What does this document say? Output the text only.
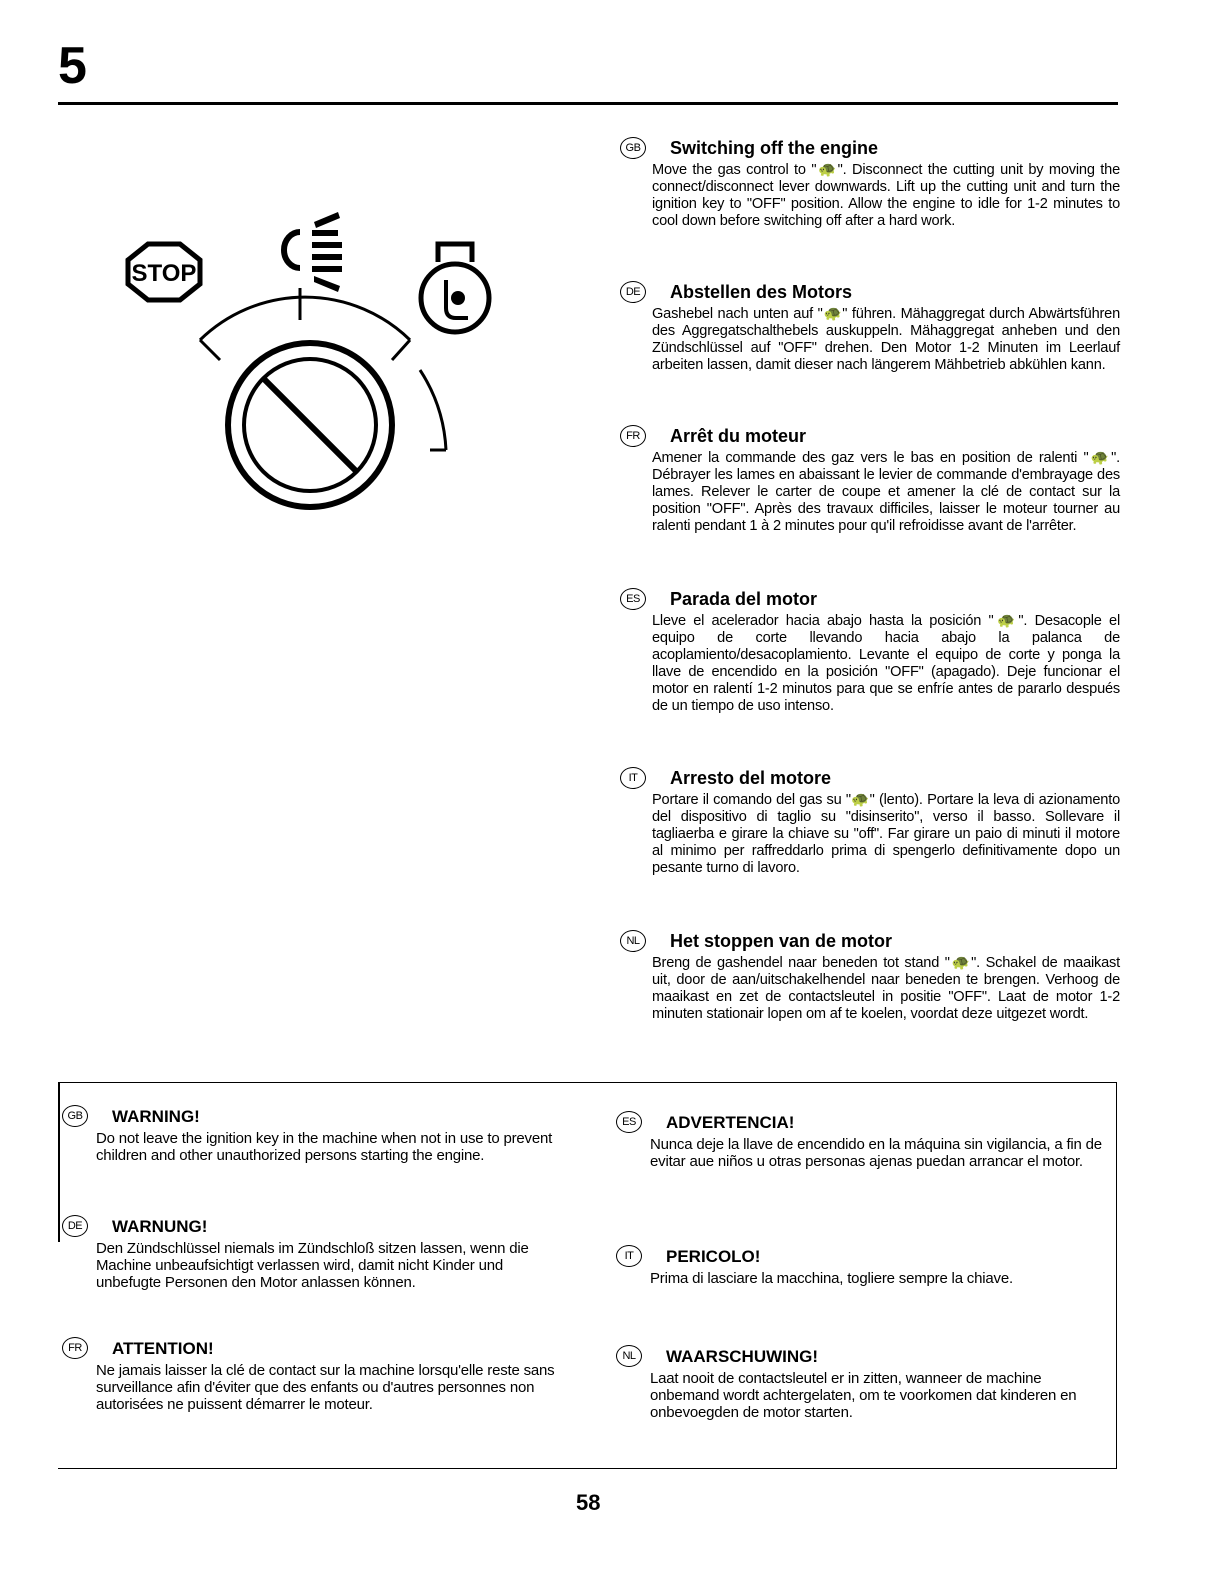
5
STOP
GB	Switching off the engine
Move the gas control to "🐢". Disconnect the cutting unit by moving the connect/disconnect lever downwards. Lift up the cutting unit and turn the ignition key to "OFF" position. Allow the engine to idle for 1-2 minutes to cool down before switching off after a hard work.
DE	Abstellen des Motors
Gashebel nach unten auf "🐢" führen. Mähaggregat durch Abwärtsführen des Aggregatschalthebels auskuppeln. Mähaggregat anheben und den Zündschlüssel auf "OFF" drehen. Den Motor 1-2 Minuten im Leerlauf arbeiten lassen, damit dieser nach längerem Mähbetrieb abkühlen kann.
FR	Arrêt du moteur
Amener la commande des gaz vers le bas en position de ralenti "🐢". Débrayer les lames en abaissant le levier de commande d'embrayage des lames. Relever le carter de coupe et amener la clé de contact sur la position "OFF". Après des travaux difficiles, laisser le moteur tourner au ralenti pendant 1 à 2 minutes pour qu'il refroidisse avant de l'arrêter.
ES	Parada del motor
Lleve el acelerador hacia abajo hasta la posición "🐢". Desacople el equipo de corte llevando hacia abajo la palanca de acoplamiento/desacoplamiento. Levante el equipo de corte y ponga la llave de encendido en la posición "OFF" (apagado). Deje funcionar el motor en ralentí 1-2 minutos para que se enfríe antes de pararlo después de un tiempo de uso intenso.
IT	Arresto del motore
Portare il comando del gas su "🐢" (lento). Portare la leva di azionamento del dispositivo di taglio su "disinserito", verso il basso. Sollevare il tagliaerba e girare la chiave su "off". Far girare un paio di minuti il motore al minimo per raffreddarlo prima di spengerlo definitivamente dopo un pesante turno di lavoro.
NL	Het stoppen van de motor
Breng de gashendel naar beneden tot stand "🐢". Schakel de maaikast uit, door de aan/uitschakelhendel naar beneden te brengen. Verhoog de maaikast en zet de contactsleutel in positie "OFF". Laat de motor 1-2 minuten stationair lopen om af te koelen, voordat deze uitgezet wordt.
GB	WARNING!
Do not leave the ignition key in the machine when not in use to prevent children and other unauthorized persons starting the engine.
DE	WARNUNG!
Den Zündschlüssel niemals im Zündschloß sitzen lassen, wenn die Machine unbeaufsichtigt verlassen wird, damit nicht Kinder und unbefugte Personen den Motor anlassen können.
FR	ATTENTION!
Ne jamais laisser la clé de contact sur la machine lorsqu'elle reste sans surveillance afin d'éviter que des enfants ou d'autres personnes non autorisées ne puissent démarrer le moteur.
ES	ADVERTENCIA!
Nunca deje la llave de encendido en la máquina sin vigilancia, a fin de evitar aue niños u otras personas ajenas puedan arrancar el motor.
IT	PERICOLO!
Prima di lasciare la macchina, togliere sempre la chiave.
NL	WAARSCHUWING!
Laat nooit de contactsleutel er in zitten, wanneer de machine onbemand wordt achtergelaten, om te voorkomen dat kinderen en onbevoegden de motor starten.
58
